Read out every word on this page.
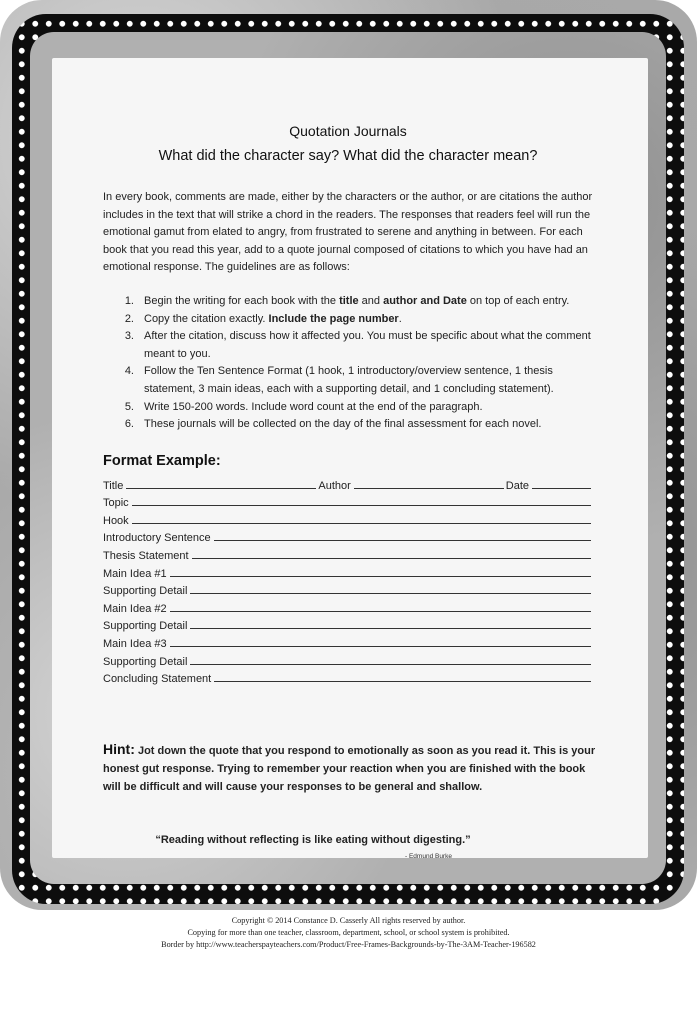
Quotation Journals
What did the character say? What did the character mean?
In every book, comments are made, either by the characters or the author, or are citations the author includes in the text that will strike a chord in the readers. The responses that readers feel will run the emotional gamut from elated to angry, from frustrated to serene and anything in between. For each book that you read this year, add to a quote journal composed of citations to which you have had an emotional response. The guidelines are as follows:
1. Begin the writing for each book with the title and author and Date on top of each entry.
2. Copy the citation exactly. Include the page number.
3. After the citation, discuss how it affected you. You must be specific about what the comment meant to you.
4. Follow the Ten Sentence Format (1 hook, 1 introductory/overview sentence, 1 thesis statement, 3 main ideas, each with a supporting detail, and 1 concluding statement).
5. Write 150-200 words. Include word count at the end of the paragraph.
6. These journals will be collected on the day of the final assessment for each novel.
Format Example:
Title	Author	Date
Topic
Hook
Introductory Sentence
Thesis Statement
Main Idea #1
Supporting Detail
Main Idea #2
Supporting Detail
Main Idea #3
Supporting Detail
Concluding Statement
Hint: Jot down the quote that you respond to emotionally as soon as you read it. This is your honest gut response. Trying to remember your reaction when you are finished with the book will be difficult and will cause your responses to be general and shallow.
“Reading without reflecting is like eating without digesting.”
- Edmund Burke
Copyright © 2014 Constance D. Casserly All rights reserved by author.
Copying for more than one teacher, classroom, department, school, or school system is prohibited.
Border by http://www.teacherspayteachers.com/Product/Free-Frames-Backgrounds-by-The-3AM-Teacher-196582
